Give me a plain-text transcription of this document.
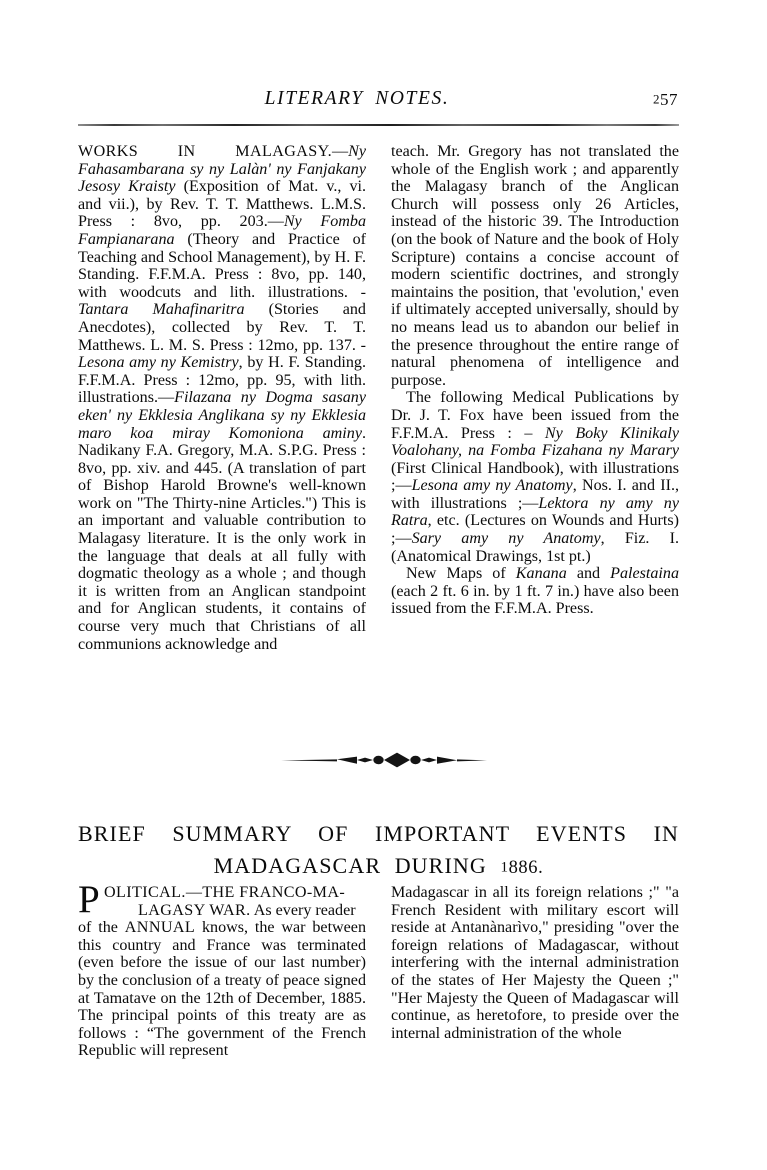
LITERARY NOTES.	257

WORKS IN MALAGASY.—Ny Fahasambarana sy ny Lalàn' ny Fanjakany Jesosy Kraisty (Exposition of Mat. v., vi. and vii.), by Rev. T. T. Matthews. L.M.S. Press : 8vo, pp. 203.—Ny Fomba Fampianarana (Theory and Practice of Teaching and School Management), by H. F. Standing. F.F.M.A. Press : 8vo, pp. 140, with woodcuts and lith. illustrations. - Tantara Mahafinaritra (Stories and Anecdotes), collected by Rev. T. T. Matthews. L. M. S. Press : 12mo, pp. 137. - Lesona amy ny Kemistry, by H. F. Standing. F.F.M.A. Press : 12mo, pp. 95, with lith. illustrations.—Filazana ny Dogma sasany eken' ny Ekklesia Anglikana sy ny Ekklesia maro koa miray Komoniona aminy. Nadikany F.A. Gregory, M.A. S.P.G. Press : 8vo, pp. xiv. and 445. (A translation of part of Bishop Harold Browne's well-known work on "The Thirty-nine Articles.") This is an important and valuable contribution to Malagasy literature. It is the only work in the language that deals at all fully with dogmatic theology as a whole ; and though it is written from an Anglican standpoint and for Anglican students, it contains of course very much that Christians of all communions acknowledge and

teach. Mr. Gregory has not translated the whole of the English work ; and apparently the Malagasy branch of the Anglican Church will possess only 26 Articles, instead of the historic 39. The Introduction (on the book of Nature and the book of Holy Scripture) contains a concise account of modern scientific doctrines, and strongly maintains the position, that 'evolution,' even if ultimately accepted universally, should by no means lead us to abandon our belief in the presence throughout the entire range of natural phenomena of intelligence and purpose.

The following Medical Publications by Dr. J. T. Fox have been issued from the F.F.M.A. Press : – Ny Boky Klinikaly Voalohany, na Fomba Fizahana ny Marary (First Clinical Handbook), with illustrations ;—Lesona amy ny Anatomy, Nos. I. and II., with illustrations ;—Lektora ny amy ny Ratra, etc. (Lectures on Wounds and Hurts) ;—Sary amy ny Anatomy, Fiz. I. (Anatomical Drawings, 1st pt.)

New Maps of Kanana and Palestaina (each 2 ft. 6 in. by 1 ft. 7 in.) have also been issued from the F.F.M.A. Press.

BRIEF SUMMARY OF IMPORTANT EVENTS IN
MADAGASCAR DURING 1886.
P OLITICAL.—THE FRANCO-MA-
LAGASY WAR. As every reader

of the ANNUAL knows, the war between this country and France was terminated (even before the issue of our last number) by the conclusion of a treaty of peace signed at Tamatave on the 12th of December, 1885. The principal points of this treaty are as follows : “The government of the French Republic will represent

Madagascar in all its foreign relations ;" "a French Resident with military escort will reside at Antanànarìvo," presiding "over the foreign relations of Madagascar, without interfering with the internal administration of the states of Her Majesty the Queen ;" "Her Majesty the Queen of Madagascar will continue, as heretofore, to preside over the internal administration of the whole
